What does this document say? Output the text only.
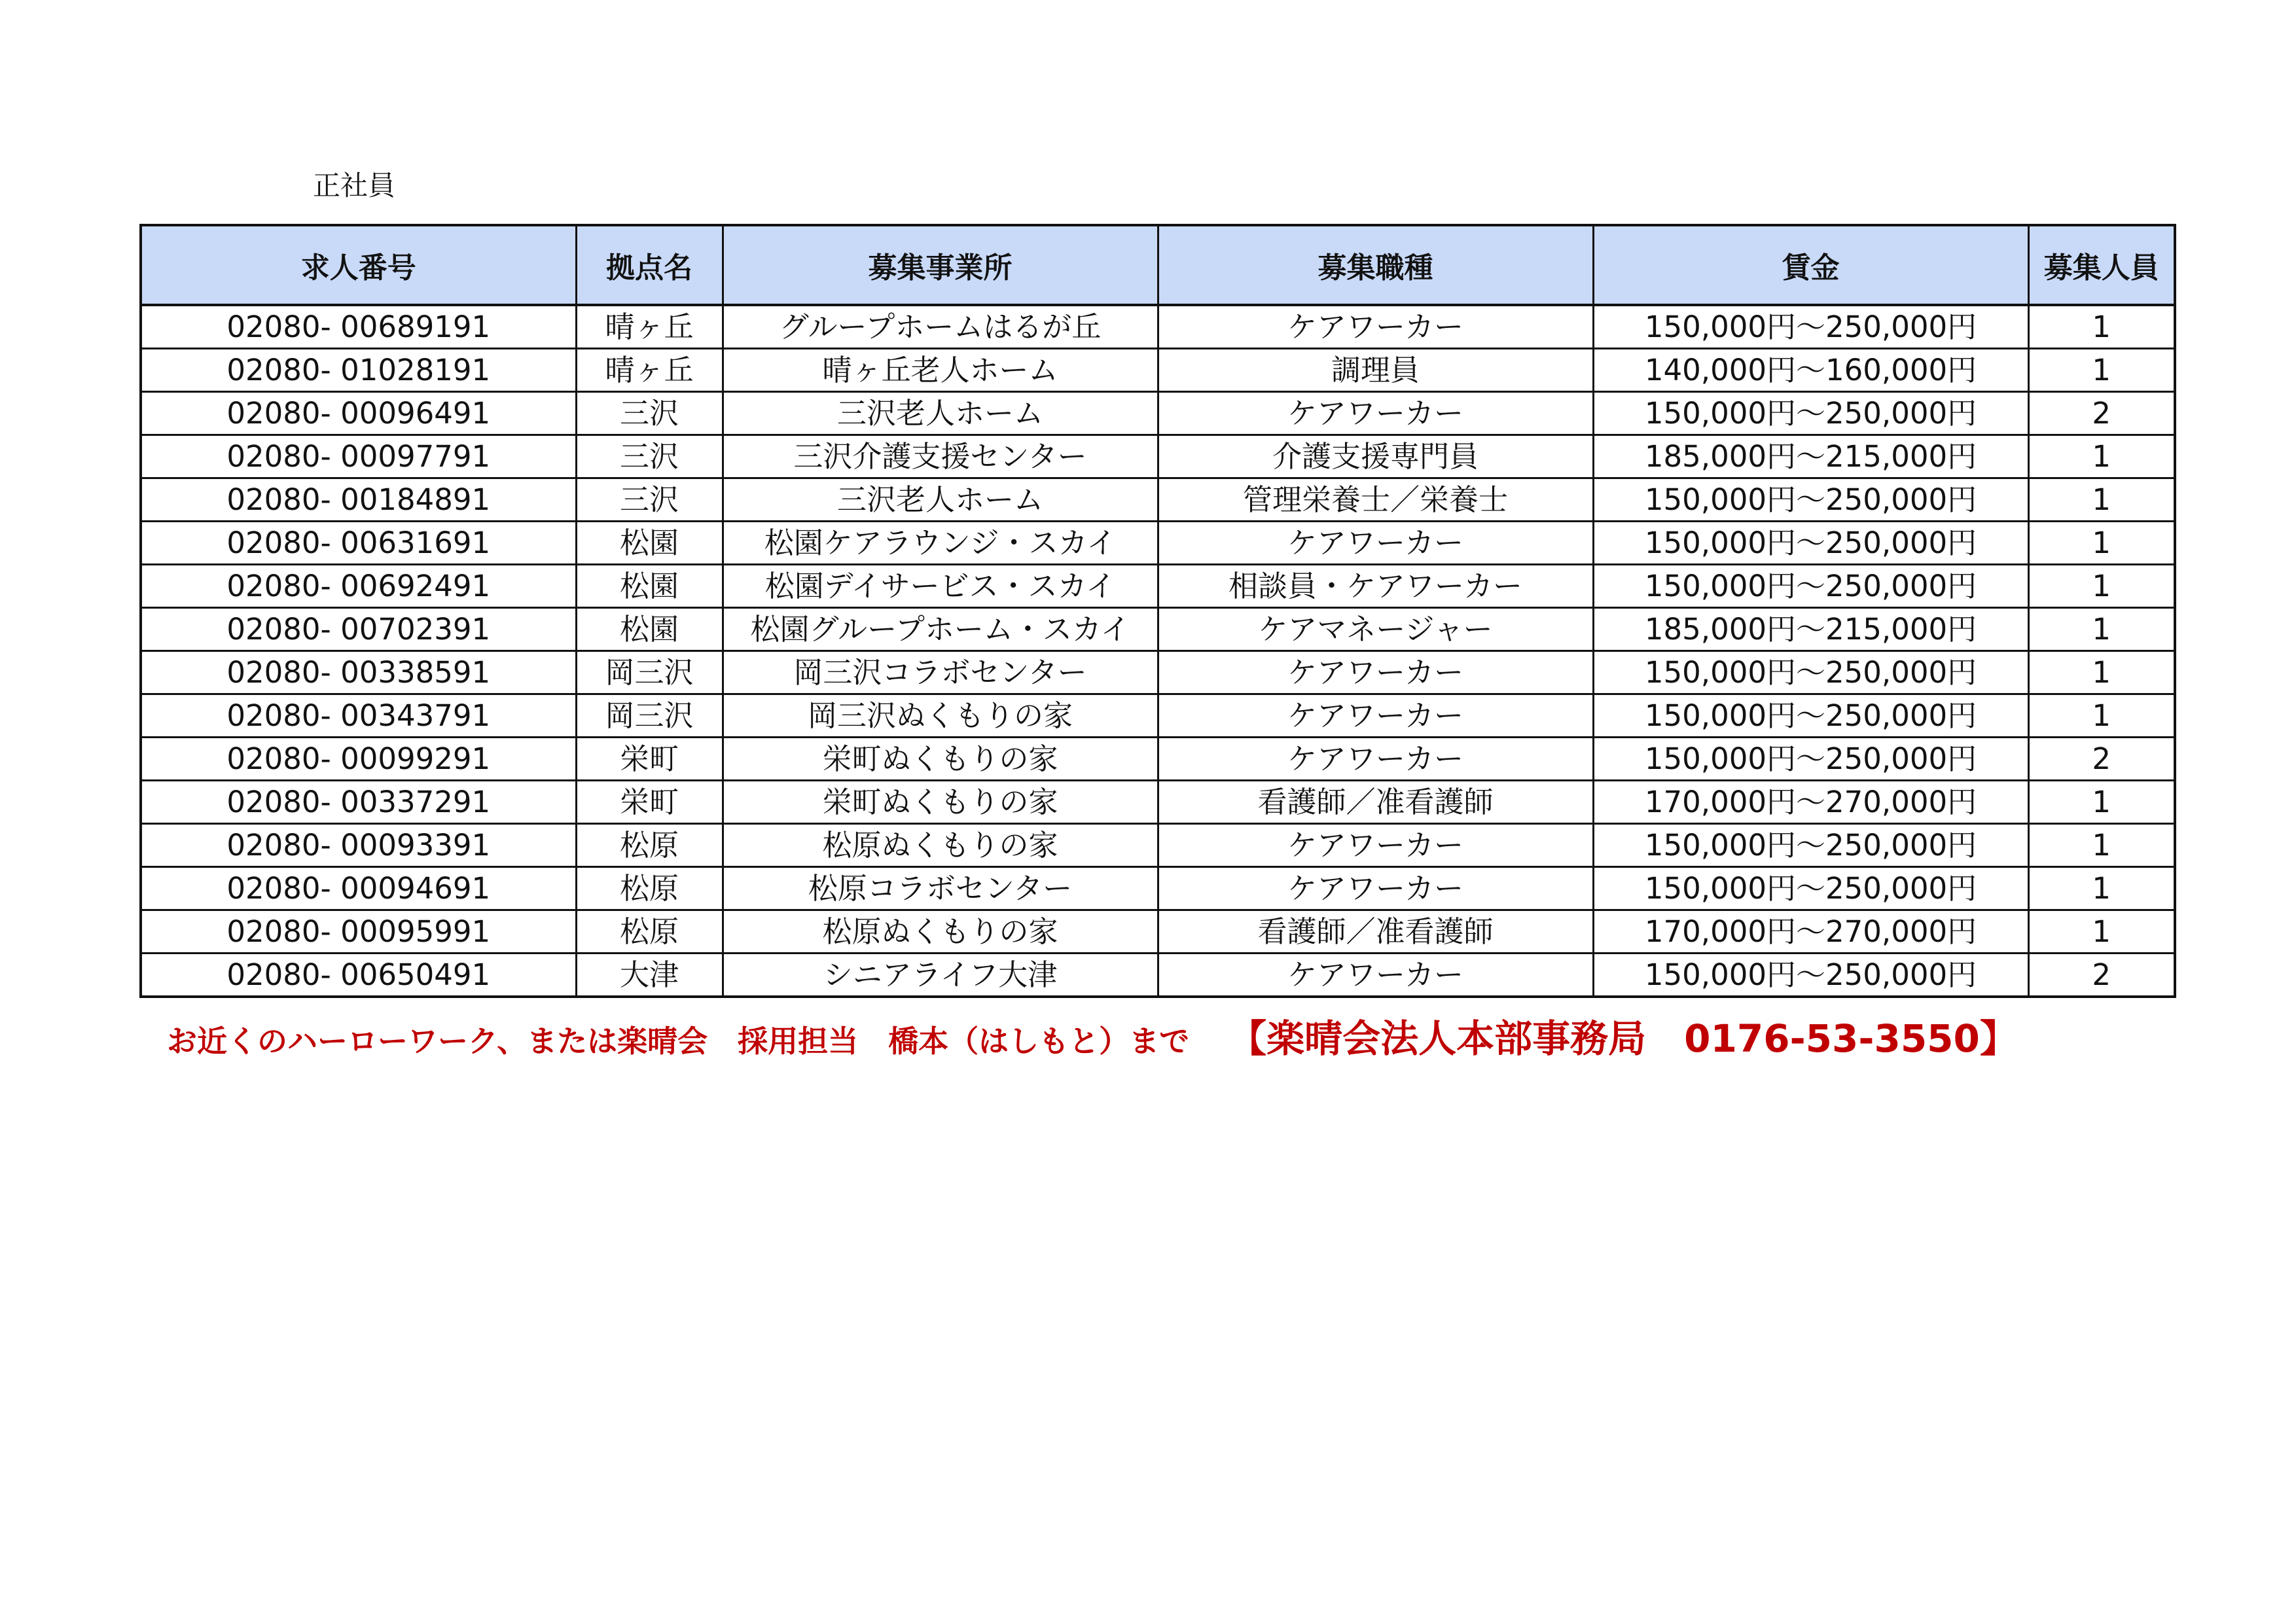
正社員
求人番号	拠点名	募集事業所	募集職種	賃金	募集人員
02080- 00689191	晴ヶ丘	グループホームはるが丘	ケアワーカー	150,000円～250,000円	1
02080- 01028191	晴ヶ丘	晴ヶ丘老人ホーム	調理員	140,000円～160,000円	1
02080- 00096491	三沢	三沢老人ホーム	ケアワーカー	150,000円～250,000円	2
02080- 00097791	三沢	三沢介護支援センター	介護支援専門員	185,000円～215,000円	1
02080- 00184891	三沢	三沢老人ホーム	管理栄養士／栄養士	150,000円～250,000円	1
02080- 00631691	松園	松園ケアラウンジ・スカイ	ケアワーカー	150,000円～250,000円	1
02080- 00692491	松園	松園デイサービス・スカイ	相談員・ケアワーカー	150,000円～250,000円	1
02080- 00702391	松園	松園グループホーム・スカイ	ケアマネージャー	185,000円～215,000円	1
02080- 00338591	岡三沢	岡三沢コラボセンター	ケアワーカー	150,000円～250,000円	1
02080- 00343791	岡三沢	岡三沢ぬくもりの家	ケアワーカー	150,000円～250,000円	1
02080- 00099291	栄町	栄町ぬくもりの家	ケアワーカー	150,000円～250,000円	2
02080- 00337291	栄町	栄町ぬくもりの家	看護師／准看護師	170,000円～270,000円	1
02080- 00093391	松原	松原ぬくもりの家	ケアワーカー	150,000円～250,000円	1
02080- 00094691	松原	松原コラボセンター	ケアワーカー	150,000円～250,000円	1
02080- 00095991	松原	松原ぬくもりの家	看護師／准看護師	170,000円～270,000円	1
02080- 00650491	大津	シニアライフ大津	ケアワーカー	150,000円～250,000円	2
お近くのハーローワーク、または楽晴会　採用担当　橋本（はしもと）まで 【楽晴会法人本部事務局　0176-53-3550】
